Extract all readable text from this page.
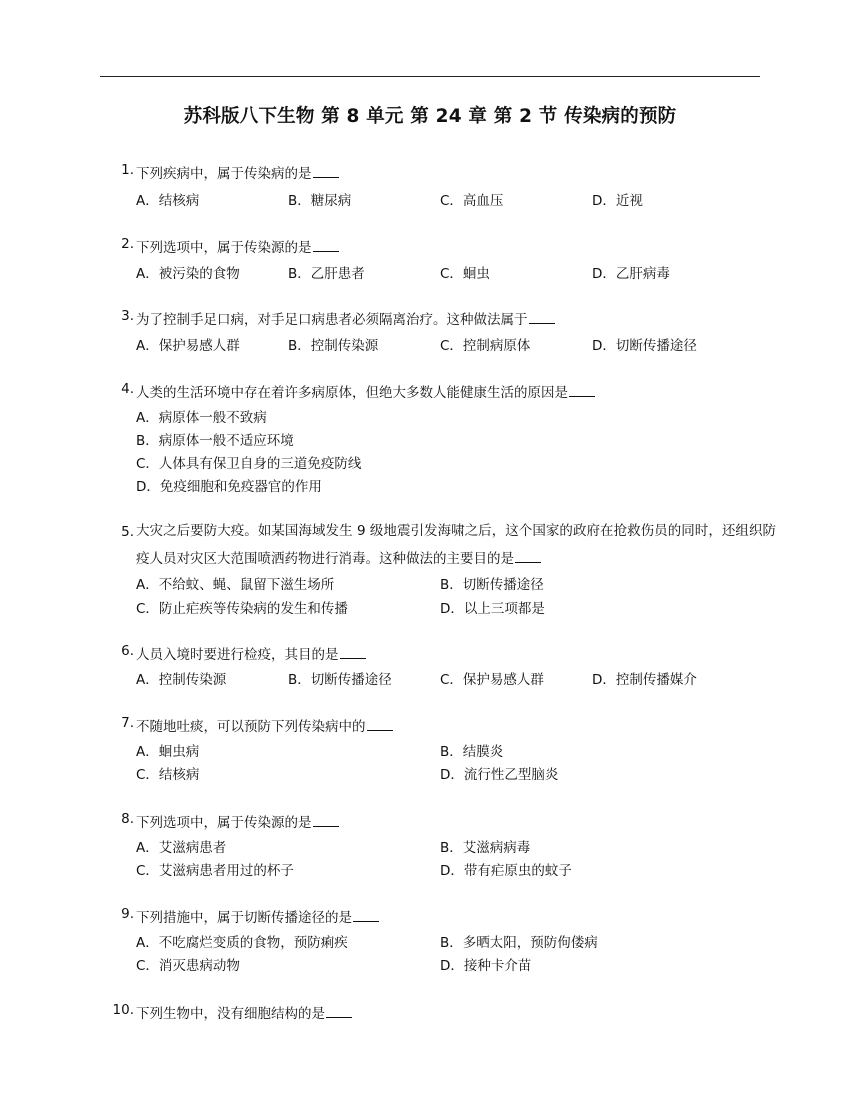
苏科版八下生物 第 8 单元 第 24 章 第 2 节 传染病的预防
1. 下列疾病中，属于传染病的是
A．结核病	B．糖尿病	C．高血压	D．近视
2. 下列选项中，属于传染源的是
A．被污染的食物	B．乙肝患者	C．蛔虫	D．乙肝病毒
3. 为了控制手足口病，对手足口病患者必须隔离治疗。这种做法属于
A．保护易感人群	B．控制传染源	C．控制病原体	D．切断传播途径
4. 人类的生活环境中存在着许多病原体，但绝大多数人能健康生活的原因是
A．病原体一般不致病
B．病原体一般不适应环境
C．人体具有保卫自身的三道免疫防线
D．免疫细胞和免疫器官的作用
5. 大灾之后要防大疫。如某国海域发生 9 级地震引发海啸之后，这个国家的政府在抢救伤员的同时，还组织防疫人员对灾区大范围喷洒药物进行消毒。这种做法的主要目的是
A．不给蚊、蝇、鼠留下滋生场所	B．切断传播途径
C．防止疟疾等传染病的发生和传播	D．以上三项都是
6. 人员入境时要进行检疫，其目的是
A．控制传染源	B．切断传播途径	C．保护易感人群	D．控制传播媒介
7. 不随地吐痰，可以预防下列传染病中的
A．蛔虫病	B．结膜炎
C．结核病	D．流行性乙型脑炎
8. 下列选项中，属于传染源的是
A．艾滋病患者	B．艾滋病病毒
C．艾滋病患者用过的杯子	D．带有疟原虫的蚊子
9. 下列措施中，属于切断传播途径的是
A．不吃腐烂变质的食物，预防痢疾	B．多晒太阳，预防佝偻病
C．消灭患病动物	D．接种卡介苗
10. 下列生物中，没有细胞结构的是
